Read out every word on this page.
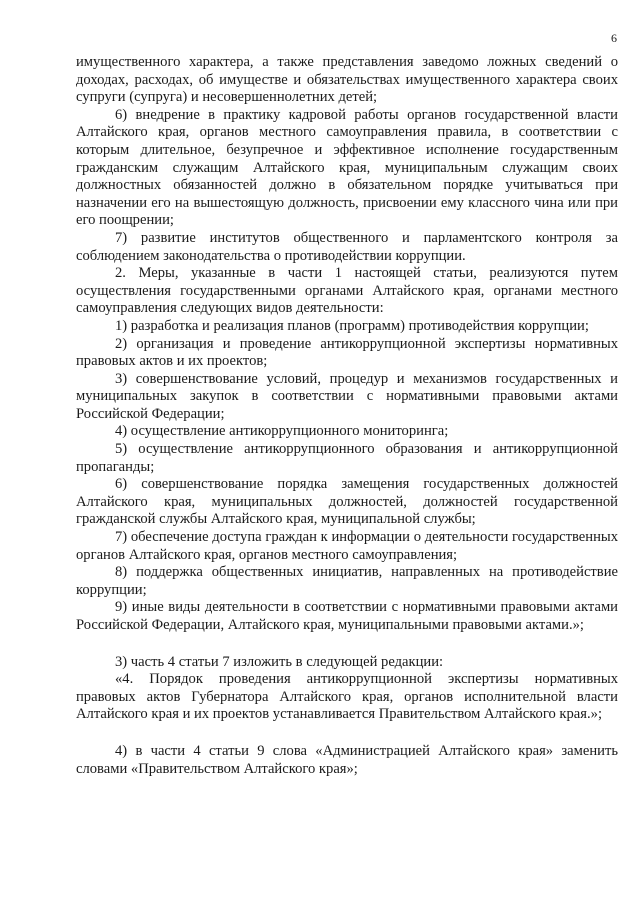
6

имущественного характера, а также представления заведомо ложных сведений о доходах, расходах, об имуществе и обязательствах имущественного характера своих супруги (супруга) и несовершеннолетних детей;

6) внедрение в практику кадровой работы органов государственной власти Алтайского края, органов местного самоуправления правила, в соответствии с которым длительное, безупречное и эффективное исполнение государственным гражданским служащим Алтайского края, муниципальным служащим своих должностных обязанностей должно в обязательном порядке учитываться при назначении его на вышестоящую должность, присвоении ему классного чина или при его поощрении;

7) развитие институтов общественного и парламентского контроля за соблюдением законодательства о противодействии коррупции.

2. Меры, указанные в части 1 настоящей статьи, реализуются путем осуществления государственными органами Алтайского края, органами местного самоуправления следующих видов деятельности:

1) разработка и реализация планов (программ) противодействия коррупции;

2) организация и проведение антикоррупционной экспертизы нормативных правовых актов и их проектов;

3) совершенствование условий, процедур и механизмов государственных и муниципальных закупок в соответствии с нормативными правовыми актами Российской Федерации;

4) осуществление антикоррупционного мониторинга;

5) осуществление антикоррупционного образования и антикоррупционной пропаганды;

6) совершенствование порядка замещения государственных должностей Алтайского края, муниципальных должностей, должностей государственной гражданской службы Алтайского края, муниципальной службы;

7) обеспечение доступа граждан к информации о деятельности государственных органов Алтайского края, органов местного самоуправления;

8) поддержка общественных инициатив, направленных на противодействие коррупции;

9) иные виды деятельности в соответствии с нормативными правовыми актами Российской Федерации, Алтайского края, муниципальными правовыми актами.»;

3) часть 4 статьи 7 изложить в следующей редакции:

«4. Порядок проведения антикоррупционной экспертизы нормативных правовых актов Губернатора Алтайского края, органов исполнительной власти Алтайского края и их проектов устанавливается Правительством Алтайского края.»;

4) в части 4 статьи 9 слова «Администрацией Алтайского края» заменить словами «Правительством Алтайского края»;
